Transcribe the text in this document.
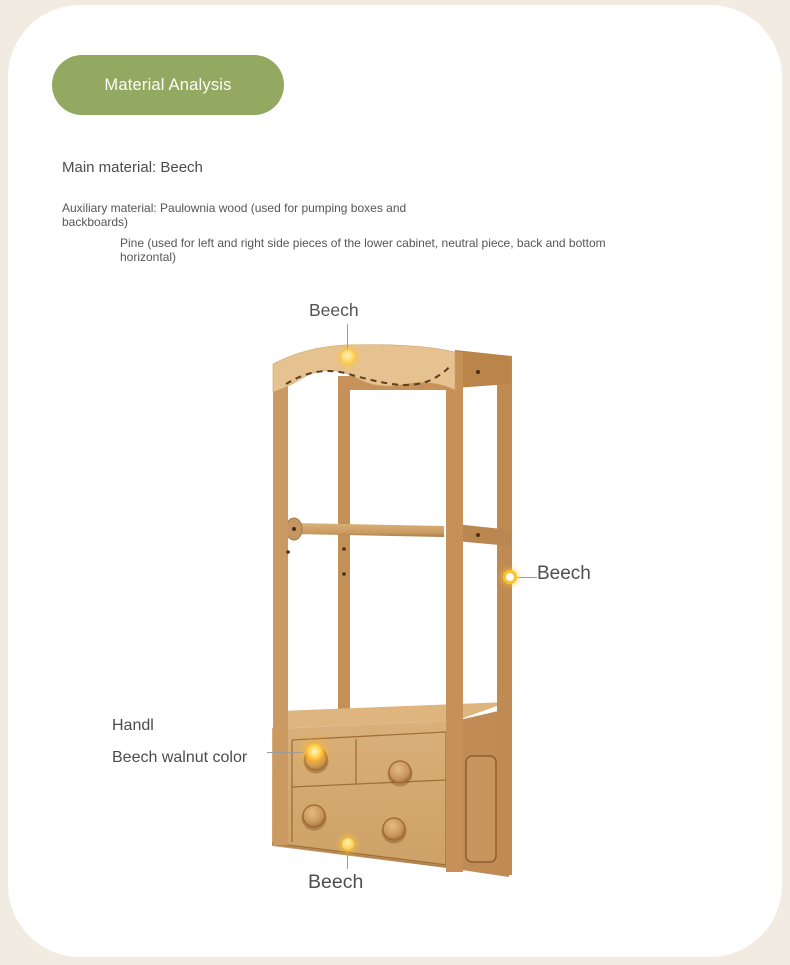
Material Analysis
Main material: Beech
Auxiliary material: Paulownia wood (used for pumping boxes and backboards)
Pine (used for left and right side pieces of the lower cabinet, neutral piece, back and bottom horizontal)
Beech
Beech
Handl
Beech walnut color
Beech
